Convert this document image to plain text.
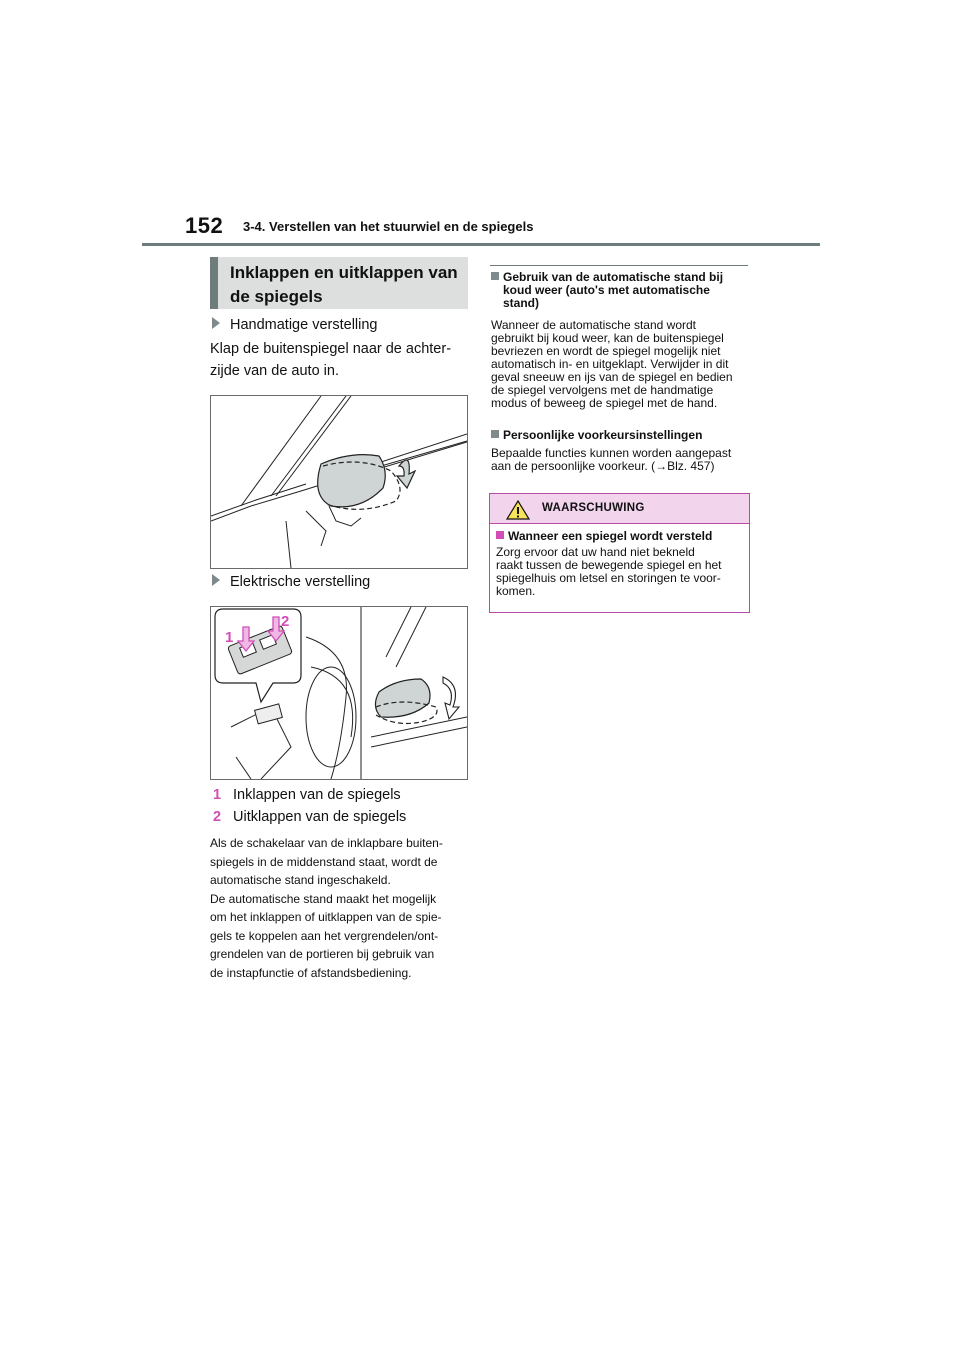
152 3-4. Verstellen van het stuurwiel en de spiegels
Inklappen en uitklappen van
de spiegels
Handmatige verstelling
Klap de buitenspiegel naar de achter-
zijde van de auto in.
Elektrische verstelling
1
2
1 Inklappen van de spiegels
2 Uitklappen van de spiegels
Als de schakelaar van de inklapbare buiten-
spiegels in de middenstand staat, wordt de
automatische stand ingeschakeld.
De automatische stand maakt het mogelijk
om het inklappen of uitklappen van de spie-
gels te koppelen aan het vergrendelen/ont-
grendelen van de portieren bij gebruik van
de instapfunctie of afstandsbediening.
Gebruik van de automatische stand bij
koud weer (auto's met automatische
stand)
Wanneer de automatische stand wordt
gebruikt bij koud weer, kan de buitenspiegel
bevriezen en wordt de spiegel mogelijk niet
automatisch in- en uitgeklapt. Verwijder in dit
geval sneeuw en ijs van de spiegel en bedien
de spiegel vervolgens met de handmatige
modus of beweeg de spiegel met de hand.
Persoonlijke voorkeursinstellingen
Bepaalde functies kunnen worden aangepast
aan de persoonlijke voorkeur. (→Blz. 457)
WAARSCHUWING
Wanneer een spiegel wordt versteld
Zorg ervoor dat uw hand niet bekneld
raakt tussen de bewegende spiegel en het
spiegelhuis om letsel en storingen te voor-
komen.
